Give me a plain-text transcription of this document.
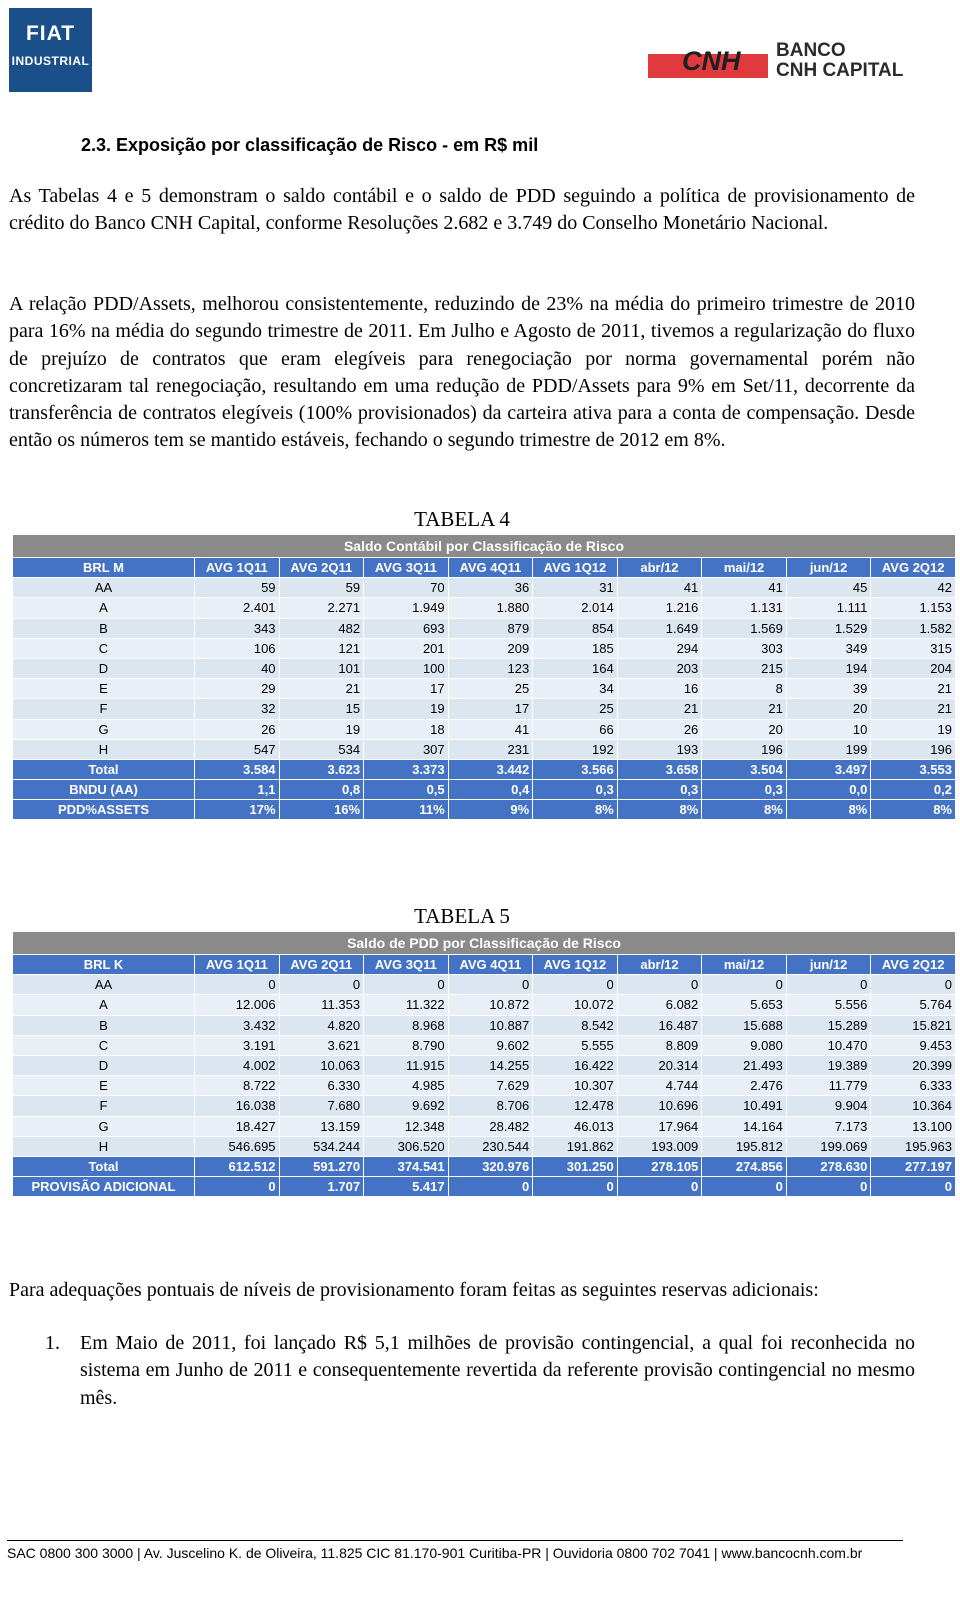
FIAT
INDUSTRIAL	CNH BANCO
CNH CAPITAL
2.3. Exposição por classificação de Risco - em R$ mil

As Tabelas 4 e 5 demonstram o saldo contábil e o saldo de PDD seguindo a política de provisionamento de crédito do Banco CNH Capital, conforme Resoluções 2.682 e 3.749 do Conselho Monetário Nacional.

A relação PDD/Assets, melhorou consistentemente, reduzindo de 23% na média do primeiro trimestre de 2010 para 16% na média do segundo trimestre de 2011. Em Julho e Agosto de 2011, tivemos a regularização do fluxo de prejuízo de contratos que eram elegíveis para renegociação por norma governamental porém não concretizaram tal renegociação, resultando em uma redução de PDD/Assets para 9% em Set/11, decorrente da transferência de contratos elegíveis (100% provisionados) da carteira ativa para a conta de compensação. Desde então os números tem se mantido estáveis, fechando o segundo trimestre de 2012 em 8%.

TABELA 4
Saldo Contábil por Classificação de Risco									
BRL M	AVG 1Q11	AVG 2Q11	AVG 3Q11	AVG 4Q11	AVG 1Q12	abr/12	mai/12	jun/12	AVG 2Q12
AA	59	59	70	36	31	41	41	45	42
A	2.401	2.271	1.949	1.880	2.014	1.216	1.131	1.111	1.153
B	343	482	693	879	854	1.649	1.569	1.529	1.582
C	106	121	201	209	185	294	303	349	315
D	40	101	100	123	164	203	215	194	204
E	29	21	17	25	34	16	8	39	21
F	32	15	19	17	25	21	21	20	21
G	26	19	18	41	66	26	20	10	19
H	547	534	307	231	192	193	196	199	196
Total	3.584	3.623	3.373	3.442	3.566	3.658	3.504	3.497	3.553
BNDU (AA)	1,1	0,8	0,5	0,4	0,3	0,3	0,3	0,0	0,2
PDD%ASSETS	17%	16%	11%	9%	8%	8%	8%	8%	8%
TABELA 5
Saldo de PDD por Classificação de Risco									
BRL K	AVG 1Q11	AVG 2Q11	AVG 3Q11	AVG 4Q11	AVG 1Q12	abr/12	mai/12	jun/12	AVG 2Q12
AA	0	0	0	0	0	0	0	0	0
A	12.006	11.353	11.322	10.872	10.072	6.082	5.653	5.556	5.764
B	3.432	4.820	8.968	10.887	8.542	16.487	15.688	15.289	15.821
C	3.191	3.621	8.790	9.602	5.555	8.809	9.080	10.470	9.453
D	4.002	10.063	11.915	14.255	16.422	20.314	21.493	19.389	20.399
E	8.722	6.330	4.985	7.629	10.307	4.744	2.476	11.779	6.333
F	16.038	7.680	9.692	8.706	12.478	10.696	10.491	9.904	10.364
G	18.427	13.159	12.348	28.482	46.013	17.964	14.164	7.173	13.100
H	546.695	534.244	306.520	230.544	191.862	193.009	195.812	199.069	195.963
Total	612.512	591.270	374.541	320.976	301.250	278.105	274.856	278.630	277.197
PROVISÃO ADICIONAL	0	1.707	5.417	0	0	0	0	0	0

Para adequações pontuais de níveis de provisionamento foram feitas as seguintes reservas adicionais:

1. Em Maio de 2011, foi lançado R$ 5,1 milhões de provisão contingencial, a qual foi reconhecida no sistema em Junho de 2011 e consequentemente revertida da referente provisão contingencial no mesmo mês.
SAC 0800 300 3000 | Av. Juscelino K. de Oliveira, 11.825 CIC 81.170-901 Curitiba-PR | Ouvidoria 0800 702 7041 | www.bancocnh.com.br
